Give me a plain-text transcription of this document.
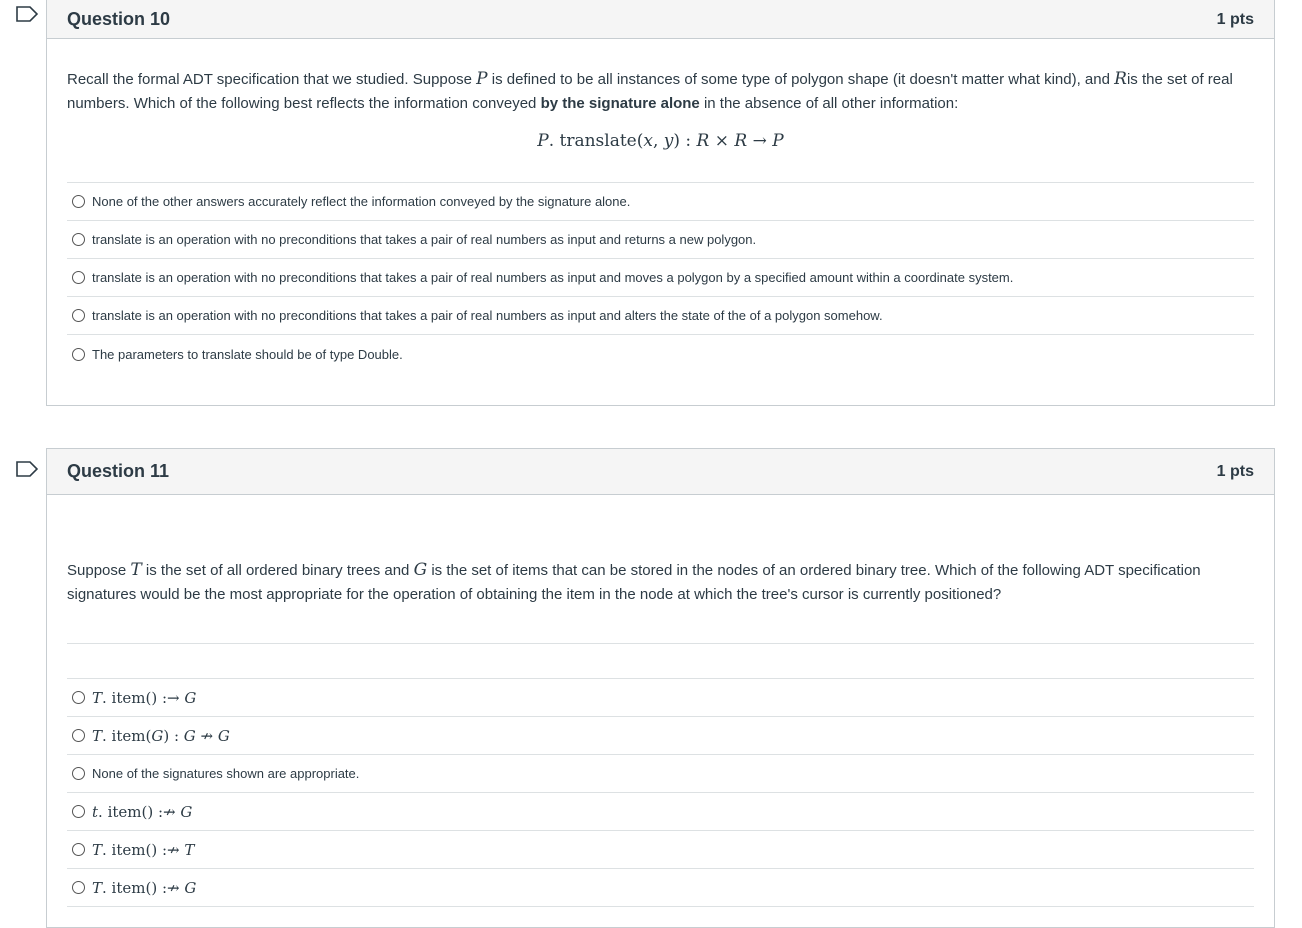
Question 10	1 pts
Recall the formal ADT specification that we studied. Suppose P is defined to be all instances of some type of polygon shape (it doesn't matter what kind), and Ris the set of real numbers. Which of the following best reflects the information conveyed by the signature alone in the absence of all other information:
P. translate(x, y) : R × R → P
None of the other answers accurately reflect the information conveyed by the signature alone.
translate is an operation with no preconditions that takes a pair of real numbers as input and returns a new polygon.
translate is an operation with no preconditions that takes a pair of real numbers as input and moves a polygon by a specified amount within a coordinate system.
translate is an operation with no preconditions that takes a pair of real numbers as input and alters the state of the of a polygon somehow.
The parameters to translate should be of type Double.
Question 11	1 pts
Suppose T is the set of all ordered binary trees and G is the set of items that can be stored in the nodes of an ordered binary tree. Which of the following ADT specification signatures would be the most appropriate for the operation of obtaining the item in the node at which the tree's cursor is currently positioned?
T. item() :→ G
T. item(G) : G ↛ G
None of the signatures shown are appropriate.
t. item() :↛ G
T. item() :↛ T
T. item() :↛ G
